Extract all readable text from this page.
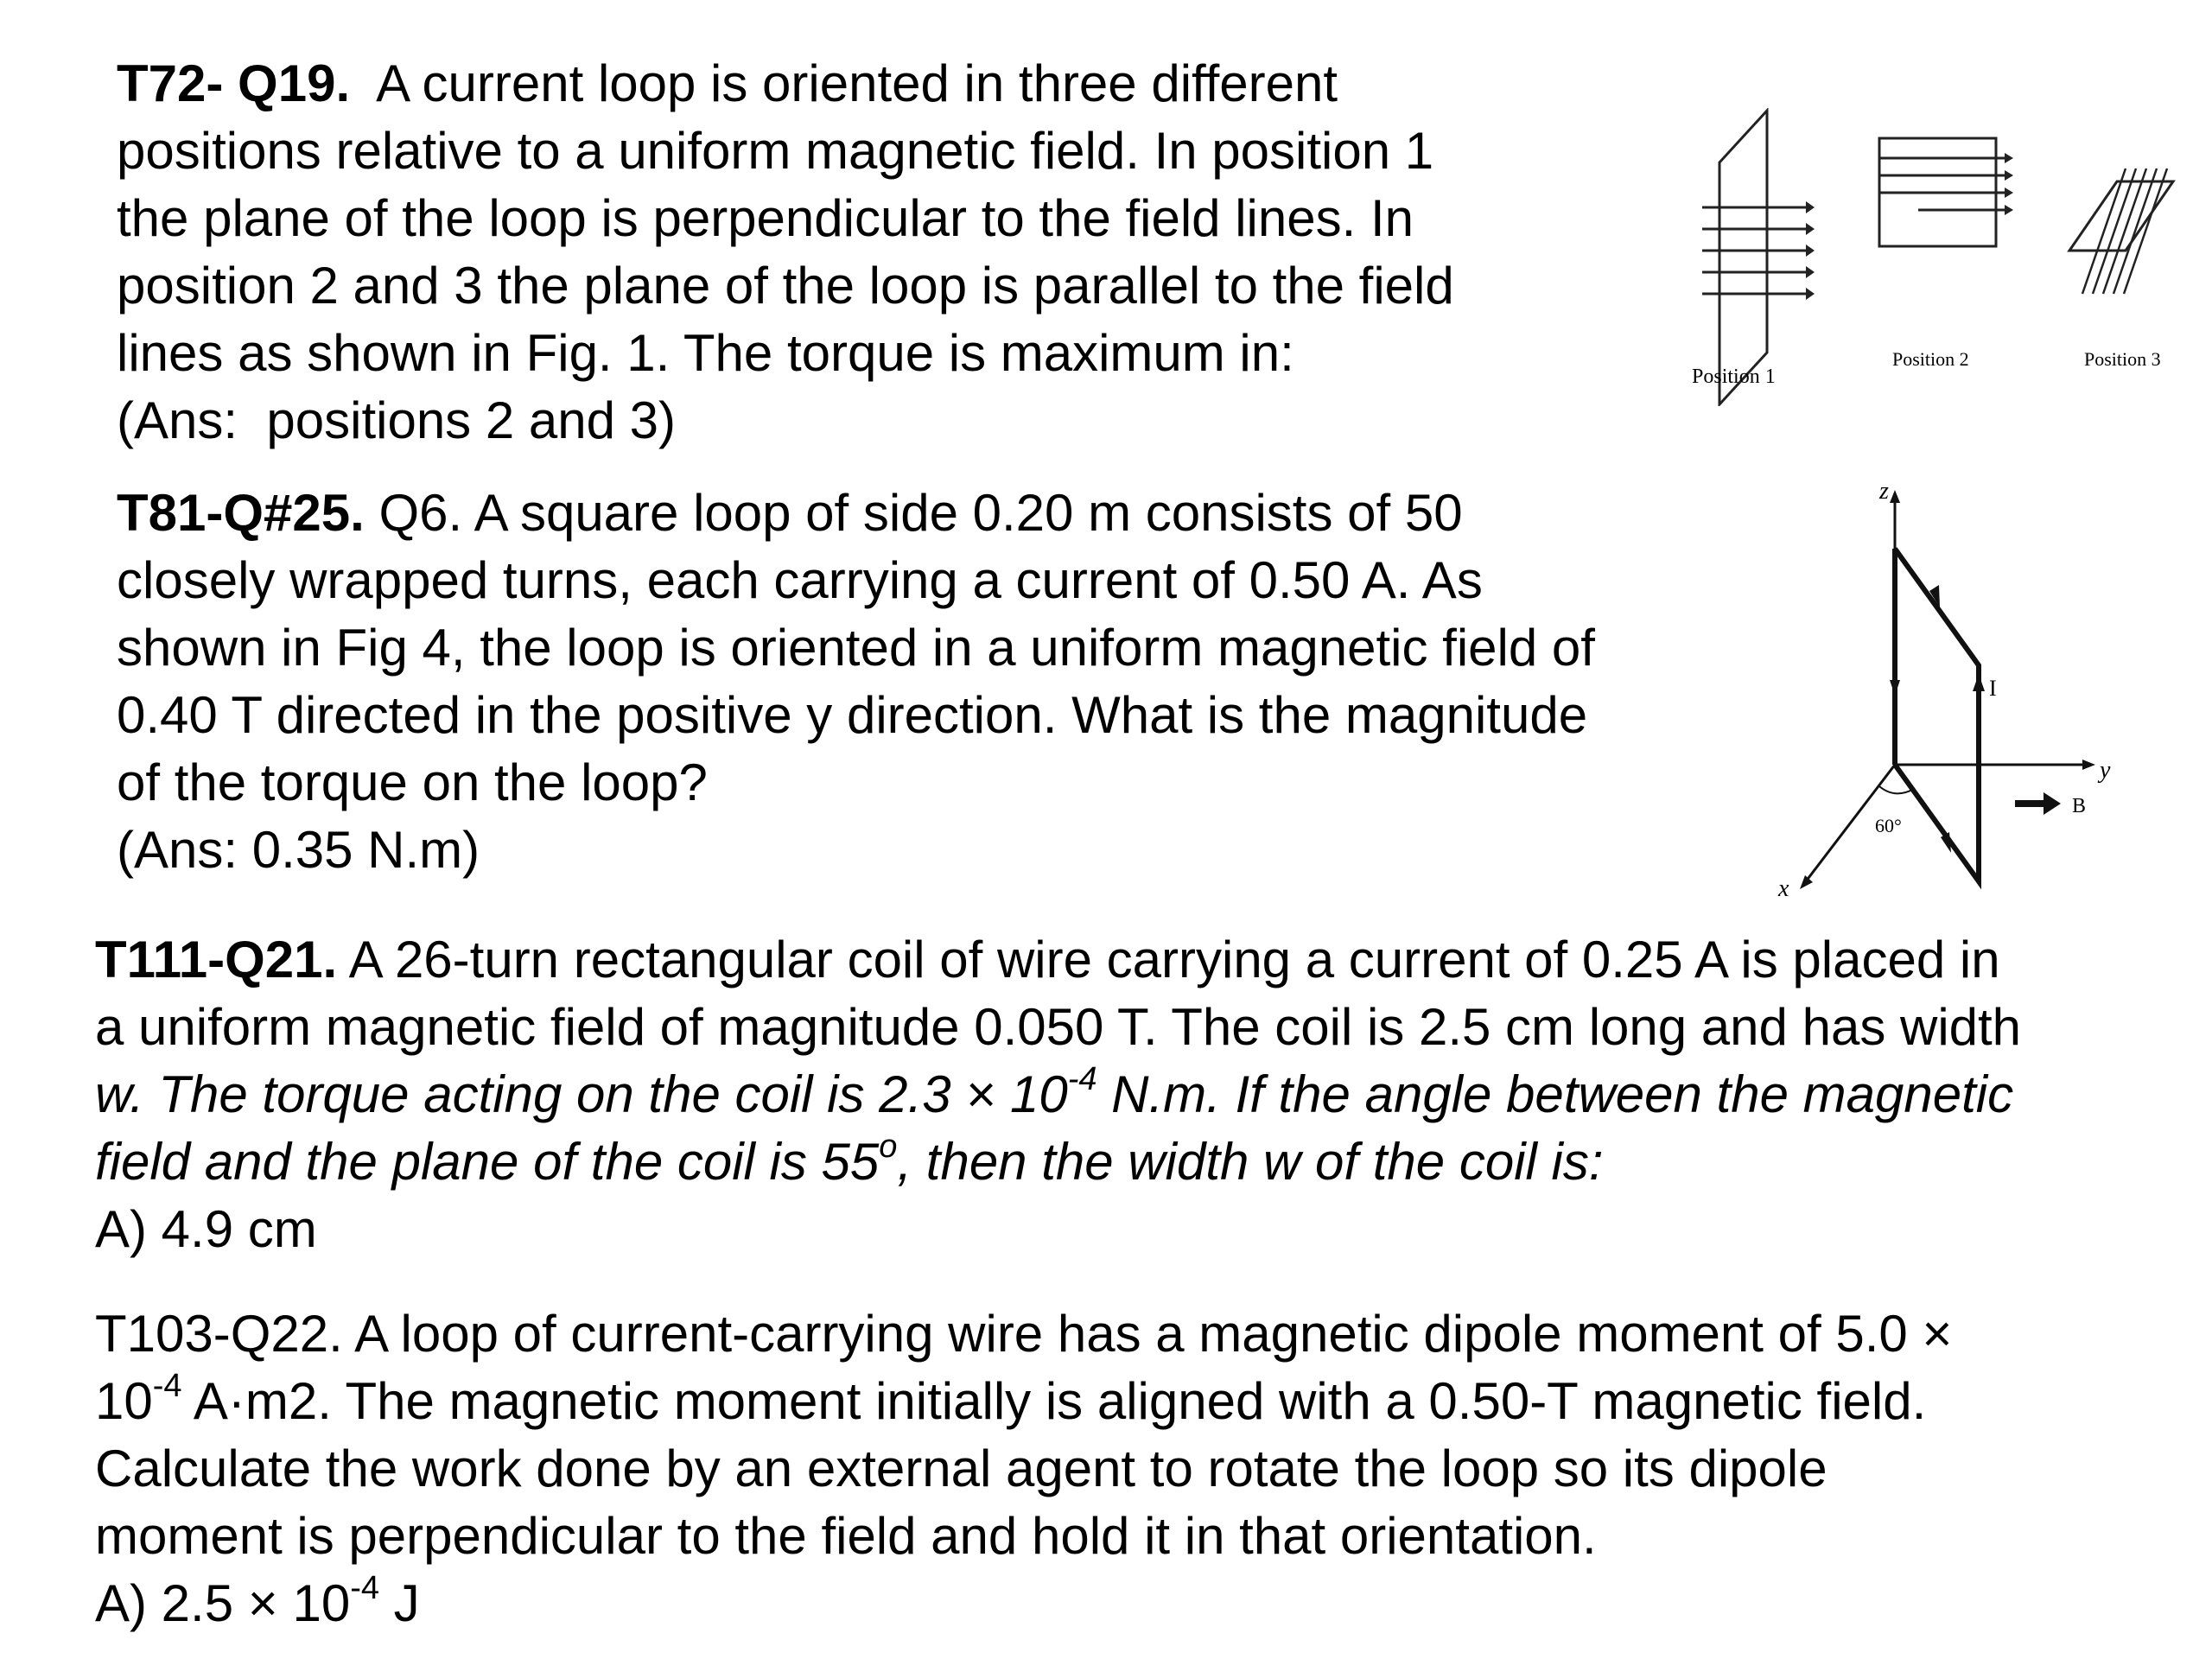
T72- Q19.  A current loop is oriented in three different
positions relative to a uniform magnetic field. In position 1
the plane of the loop is perpendicular to the field lines. In
position 2 and 3 the plane of the loop is parallel to the field
lines as shown in Fig. 1. The torque is maximum in:
(Ans:  positions 2 and 3)
Position 1
Position 2	Position 3
T81-Q#25. Q6. A square loop of side 0.20 m consists of 50
closely wrapped turns, each carrying a current of 0.50 A. As
shown in Fig 4, the loop is oriented in a uniform magnetic field of
0.40 T directed in the positive y direction. What is the magnitude
of the torque on the loop?
(Ans: 0.35 N.m)
z
y
x
I
B
60°
T111-Q21. A 26-turn rectangular coil of wire carrying a current of 0.25 A is placed in
a uniform magnetic field of magnitude 0.050 T. The coil is 2.5 cm long and has width
w. The torque acting on the coil is $2.3 \times 10^{-4}$ N.m. If the angle between the magnetic
field and the plane of the coil is 55$^o$, then the width w of the coil is:
A) 4.9 cm
T103-Q22. A loop of current-carrying wire has a magnetic dipole moment of 5.0 ×
$10^{-4}$ A·m2. The magnetic moment initially is aligned with a 0.50-T magnetic field.
Calculate the work done by an external agent to rotate the loop so its dipole
moment is perpendicular to the field and hold it in that orientation.
A) $2.5 \times 10^{-4}$ J
